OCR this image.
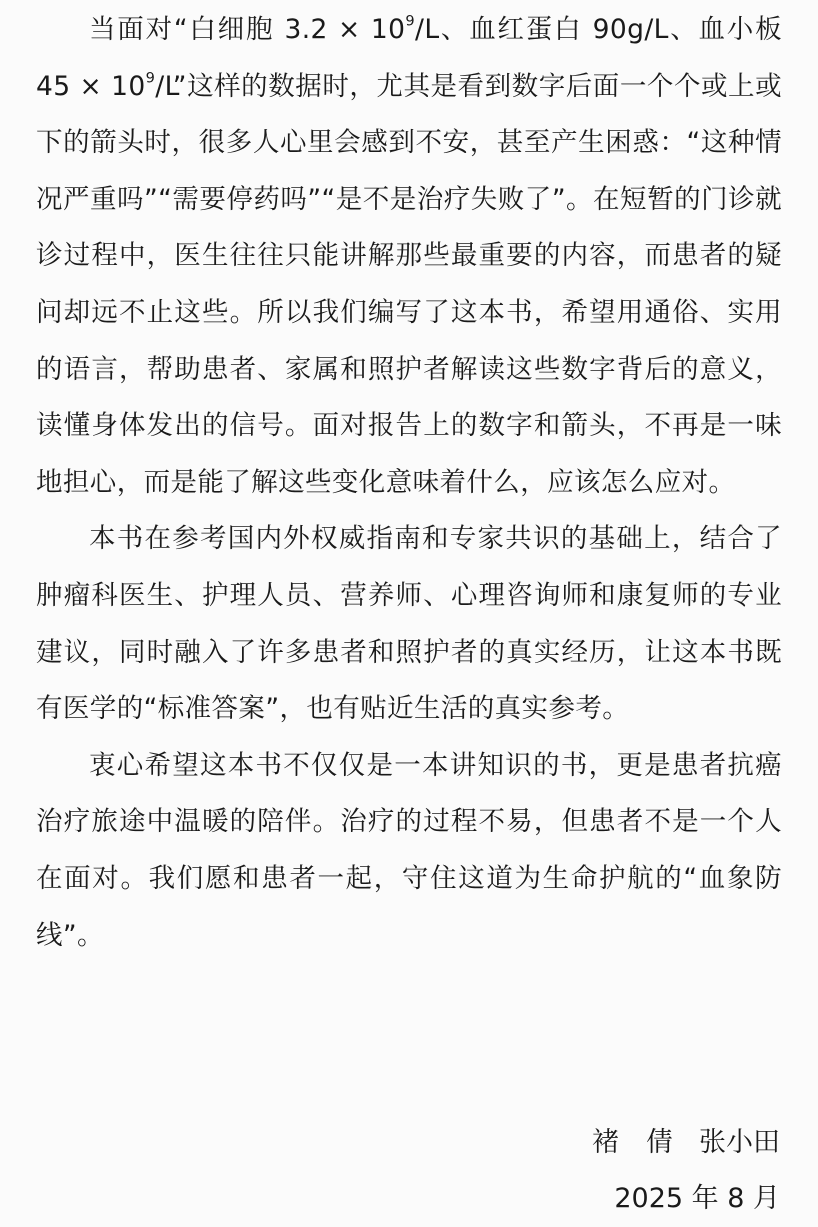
当面对“白细胞 $3.2 \times 10^9/L$、血红蛋白 90g/L、血小板 $45 \times 10^9/L$”这样的数据时，尤其是看到数字后面一个个或上或下的箭头时，很多人心里会感到不安，甚至产生困惑：“这种情况严重吗”“需要停药吗”“是不是治疗失败了”。在短暂的门诊就诊过程中，医生往往只能讲解那些最重要的内容，而患者的疑问却远不止这些。所以我们编写了这本书，希望用通俗、实用的语言，帮助患者、家属和照护者解读这些数字背后的意义，读懂身体发出的信号。面对报告上的数字和箭头，不再是一味地担心，而是能了解这些变化意味着什么，应该怎么应对。

本书在参考国内外权威指南和专家共识的基础上，结合了肿瘤科医生、护理人员、营养师、心理咨询师和康复师的专业建议，同时融入了许多患者和照护者的真实经历，让这本书既有医学的“标准答案”，也有贴近生活的真实参考。

衷心希望这本书不仅仅是一本讲知识的书，更是患者抗癌治疗旅途中温暖的陪伴。治疗的过程不易，但患者不是一个人在面对。我们愿和患者一起，守住这道为生命护航的“血象防线”。

褚　倩 张小田
2025 年 8 月
